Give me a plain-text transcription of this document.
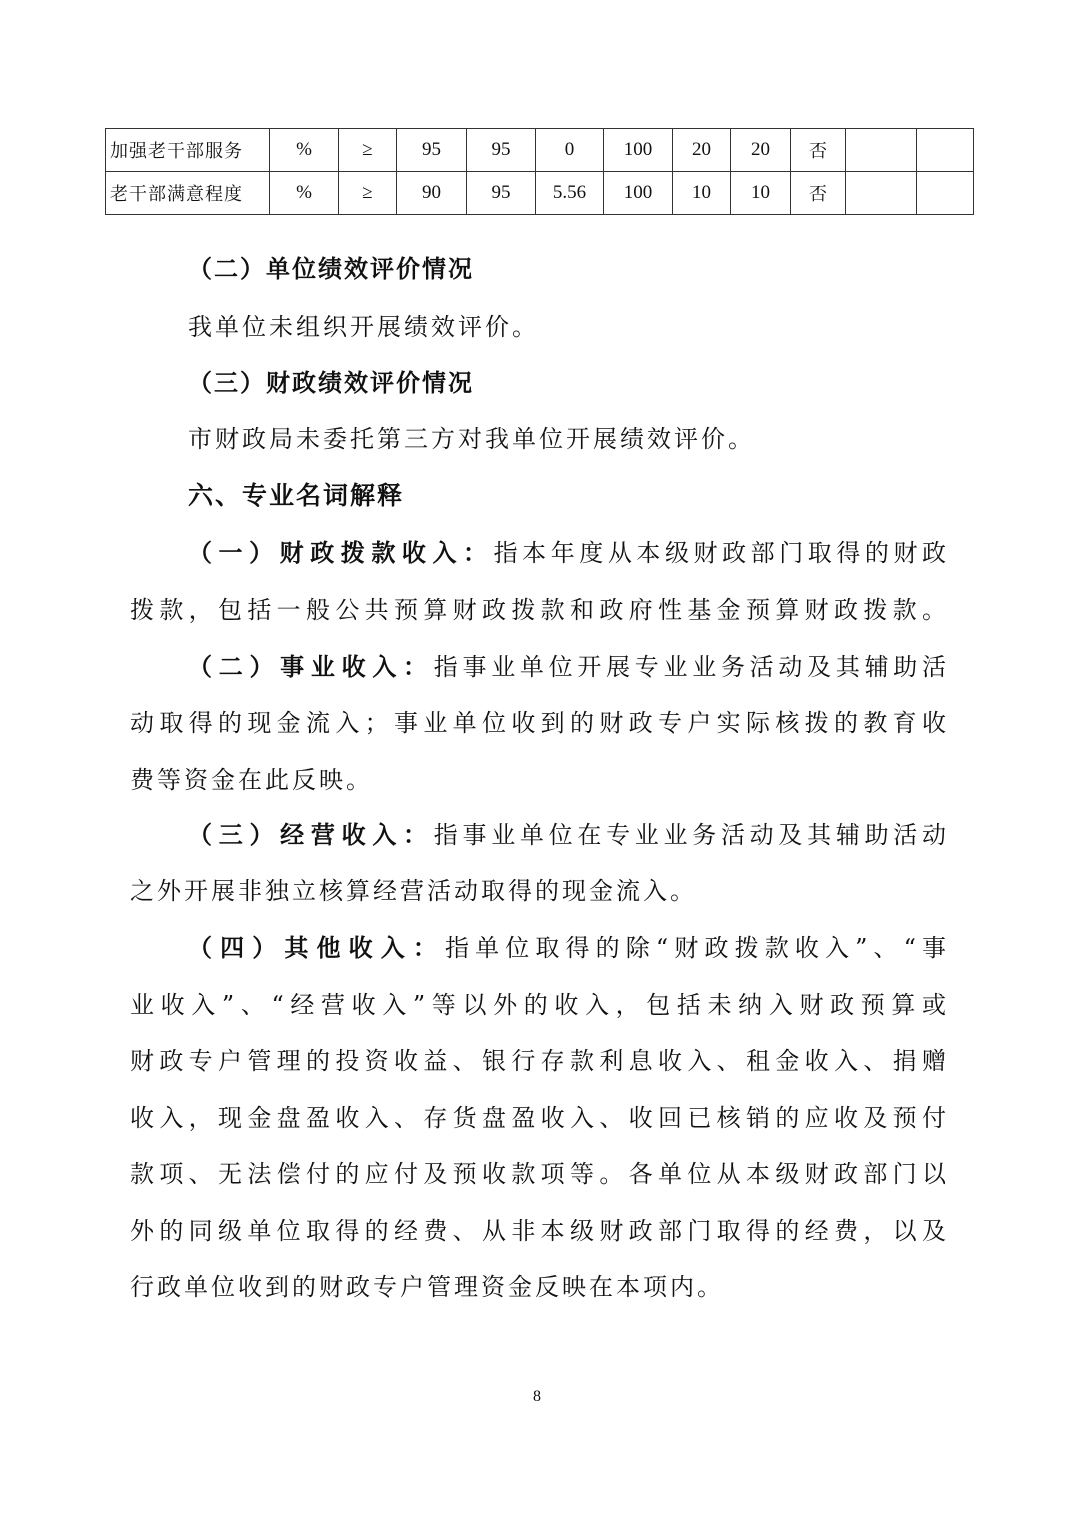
加强老干部服务	%	≥	95	95	0	100	20	20	否		
老干部满意程度	%	≥	90	95	5.56	100	10	10	否		
（二）单位绩效评价情况
我单位未组织开展绩效评价。
（三）财政绩效评价情况
市财政局未委托第三方对我单位开展绩效评价。
六、专业名词解释
（一）财政拨款收入：指本年度从本级财政部门取得的财政
拨款，包括一般公共预算财政拨款和政府性基金预算财政拨款。
（二）事业收入：指事业单位开展专业业务活动及其辅助活
动取得的现金流入；事业单位收到的财政专户实际核拨的教育收
费等资金在此反映。
（三）经营收入：指事业单位在专业业务活动及其辅助活动
之外开展非独立核算经营活动取得的现金流入。
（四）其他收入：指单位取得的除“财政拨款收入”、“事
业收入”、“经营收入”等以外的收入，包括未纳入财政预算或
财政专户管理的投资收益、银行存款利息收入、租金收入、捐赠
收入，现金盘盈收入、存货盘盈收入、收回已核销的应收及预付
款项、无法偿付的应付及预收款项等。各单位从本级财政部门以
外的同级单位取得的经费、从非本级财政部门取得的经费，以及
行政单位收到的财政专户管理资金反映在本项内。
8
